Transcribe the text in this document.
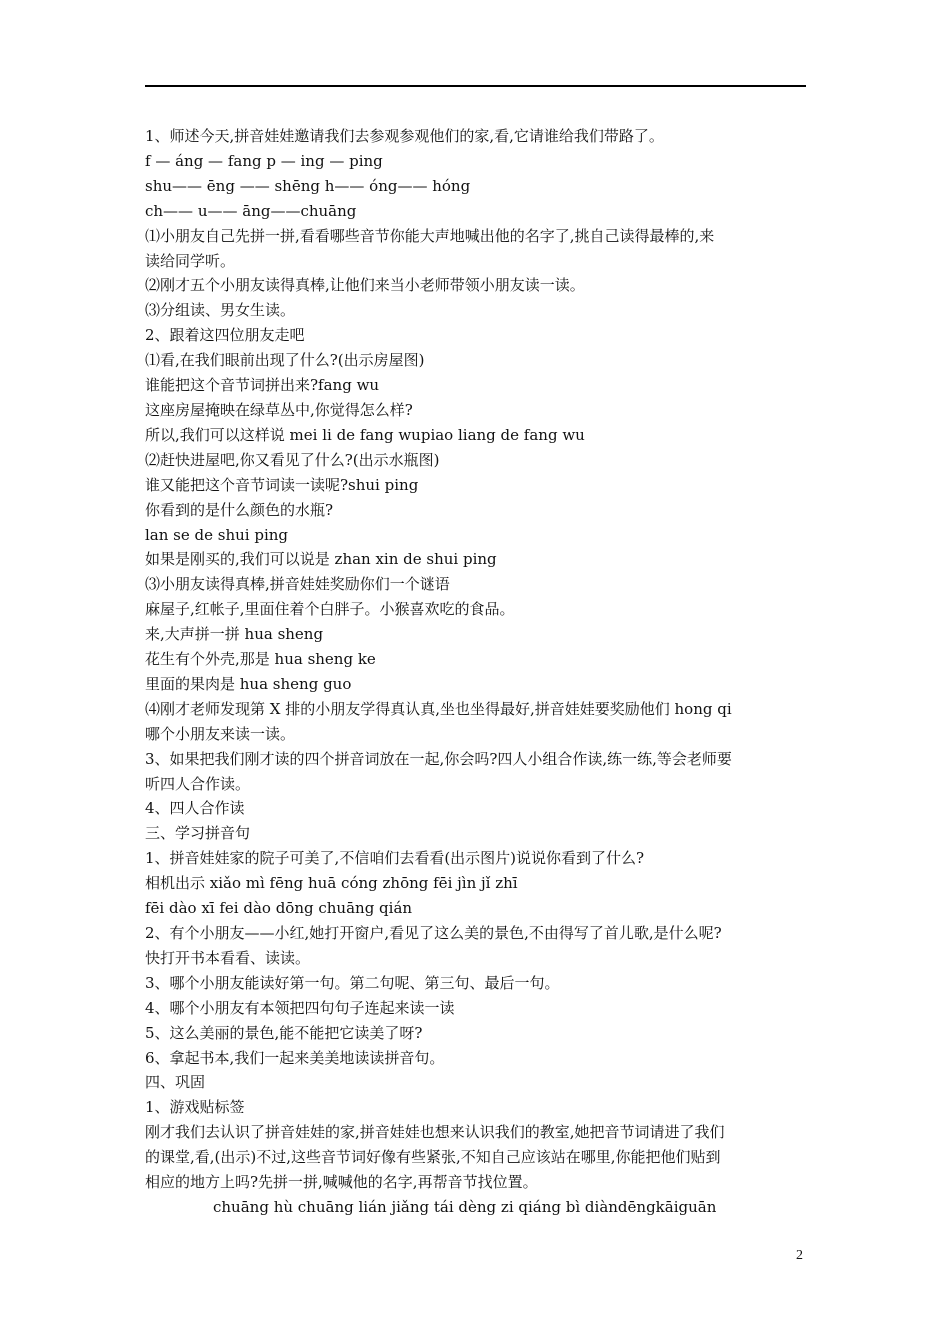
1、师述今天,拼音娃娃邀请我们去参观参观他们的家,看,它请谁给我们带路了。
f — áng — fang p — ing — ping
shu—— ēng —— shēng h—— óng—— hóng
ch—— u—— āng——chuāng
⑴小朋友自己先拼一拼,看看哪些音节你能大声地喊出他的名字了,挑自己读得最棒的,来
读给同学听。
⑵刚才五个小朋友读得真棒,让他们来当小老师带领小朋友读一读。
⑶分组读、男女生读。
2、跟着这四位朋友走吧
⑴看,在我们眼前出现了什么?(出示房屋图)
谁能把这个音节词拼出来?fang wu
这座房屋掩映在绿草丛中,你觉得怎么样?
所以,我们可以这样说 mei li de fang wupiao liang de fang wu
⑵赶快进屋吧,你又看见了什么?(出示水瓶图)
谁又能把这个音节词读一读呢?shui ping
你看到的是什么颜色的水瓶?
lan se de shui ping
如果是刚买的,我们可以说是 zhan xin de shui ping
⑶小朋友读得真棒,拼音娃娃奖励你们一个谜语
麻屋子,红帐子,里面住着个白胖子。小猴喜欢吃的食品。
来,大声拼一拼 hua sheng
花生有个外壳,那是 hua sheng ke
里面的果肉是 hua sheng guo
⑷刚才老师发现第 X 排的小朋友学得真认真,坐也坐得最好,拼音娃娃要奖励他们 hong qi
哪个小朋友来读一读。
3、如果把我们刚才读的四个拼音词放在一起,你会吗?四人小组合作读,练一练,等会老师要
听四人合作读。
4、四人合作读
三、学习拼音句
1、拼音娃娃家的院子可美了,不信咱们去看看(出示图片)说说你看到了什么?
相机出示 xiǎo mì fēng huā cóng zhōng fēi jìn jǐ zhī
fēi dào xī fei dào dōng chuāng qián
2、有个小朋友——小红,她打开窗户,看见了这么美的景色,不由得写了首儿歌,是什么呢?
快打开书本看看、读读。
3、哪个小朋友能读好第一句。第二句呢、第三句、最后一句。
4、哪个小朋友有本领把四句句子连起来读一读
5、这么美丽的景色,能不能把它读美了呀?
6、拿起书本,我们一起来美美地读读拼音句。
四、巩固
1、游戏贴标签
刚才我们去认识了拼音娃娃的家,拼音娃娃也想来认识我们的教室,她把音节词请进了我们
的课堂,看,(出示)不过,这些音节词好像有些紧张,不知自己应该站在哪里,你能把他们贴到
相应的地方上吗?先拼一拼,喊喊他的名字,再帮音节找位置。
chuāng hù chuāng lián jiǎng tái dèng zi qiáng bì diàndēngkāiguān
2
